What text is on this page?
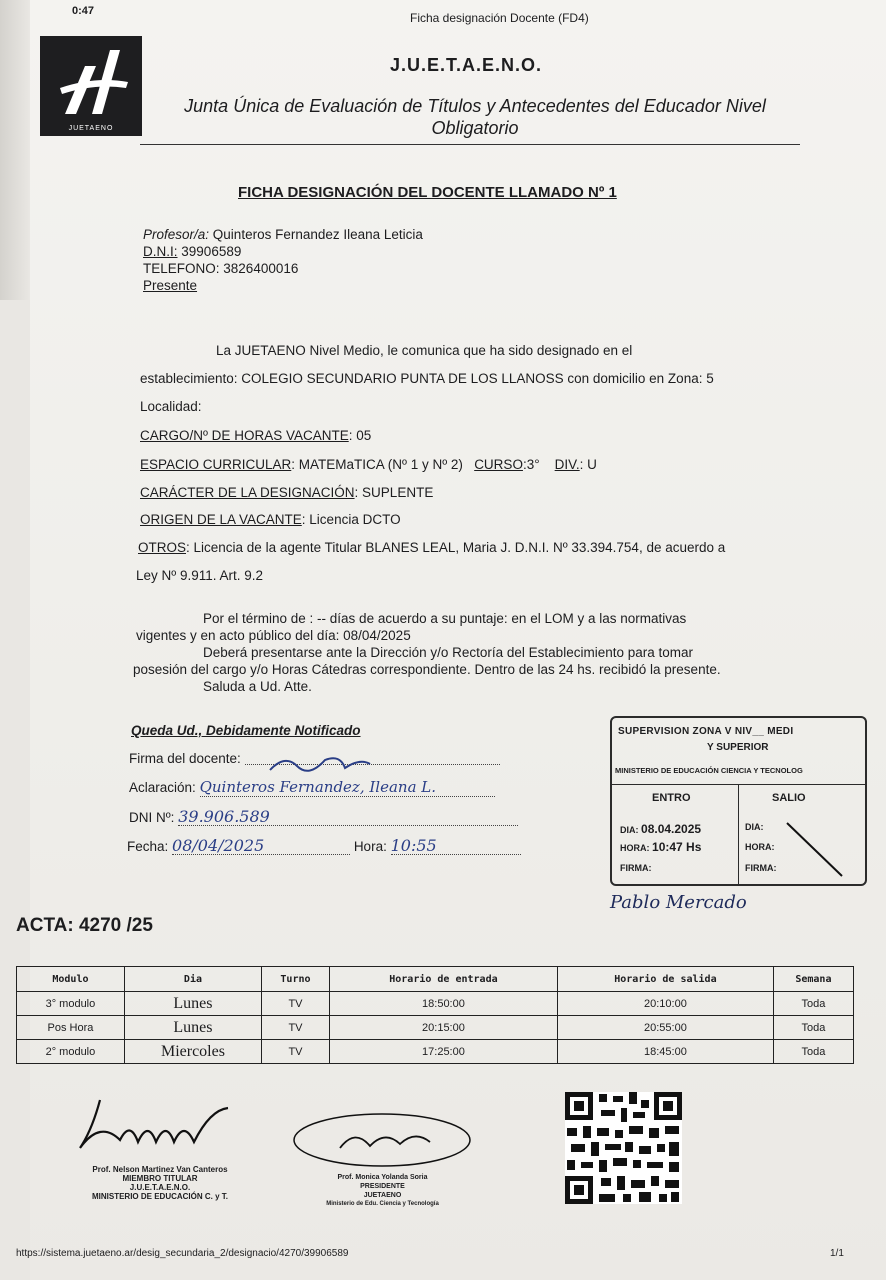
0:47	Ficha designación Docente (FD4)
JUETAENO
J.U.E.T.A.E.N.O.
Junta Única de Evaluación de Títulos y Antecedentes del Educador Nivel
Obligatorio
FICHA DESIGNACIÓN DEL DOCENTE LLAMADO Nº 1
Profesor/a: Quinteros Fernandez Ileana Leticia
D.N.I: 39906589
TELEFONO: 3826400016
Presente
La JUETAENO Nivel Medio, le comunica que ha sido designado en el
establecimiento: COLEGIO SECUNDARIO PUNTA DE LOS LLANOSS con domicilio en Zona: 5
Localidad:
CARGO/Nº DE HORAS VACANTE: 05
ESPACIO CURRICULAR: MATEMaTICA (Nº 1 y Nº 2) CURSO:3° DIV.: U
CARÁCTER DE LA DESIGNACIÓN: SUPLENTE
ORIGEN DE LA VACANTE: Licencia DCTO
OTROS: Licencia de la agente Titular BLANES LEAL, Maria J. D.N.I. Nº 33.394.754, de acuerdo a
Ley Nº 9.911. Art. 9.2
Por el término de : -- días de acuerdo a su puntaje: en el LOM y a las normativas
vigentes y en acto público del día: 08/04/2025
Deberá presentarse ante la Dirección y/o Rectoría del Establecimiento para tomar
posesión del cargo y/o Horas Cátedras correspondiente. Dentro de las 24 hs. recibidó la presente.
Saluda a Ud. Atte.
Queda Ud., Debidamente Notificado
Firma del docente:
Aclaración: Quinteros Fernandez, Ileana L.
DNI Nº: 39.906.589
Fecha: 08/04/2025	Hora: 10:55
SUPERVISION ZONA V NIV__ MEDI
Y SUPERIOR
MINISTERIO DE EDUCACIÓN CIENCIA Y TECNOLOG
ENTRO	SALIO
DIA: 08.04.2025
HORA: 10:47 Hs
FIRMA:
DIA:
HORA:
FIRMA:
Pablo Mercado
ACTA: 4270 /25
Modulo	Dia	Turno	Horario de entrada	Horario de salida	Semana
3° modulo	Lunes	TV	18:50:00	20:10:00	Toda
Pos Hora	Lunes	TV	20:15:00	20:55:00	Toda
2° modulo	Miercoles	TV	17:25:00	18:45:00	Toda
Prof. Nelson Martinez Van Canteros
MIEMBRO TITULAR
J.U.E.T.A.E.N.O.
MINISTERIO DE EDUCACIÓN C. y T.
Prof. Monica Yolanda Soria
PRESIDENTE
JUETAENO
Ministerio de Edu. Ciencia y Tecnología
https://sistema.juetaeno.ar/desig_secundaria_2/designacio/4270/39906589	1/1
